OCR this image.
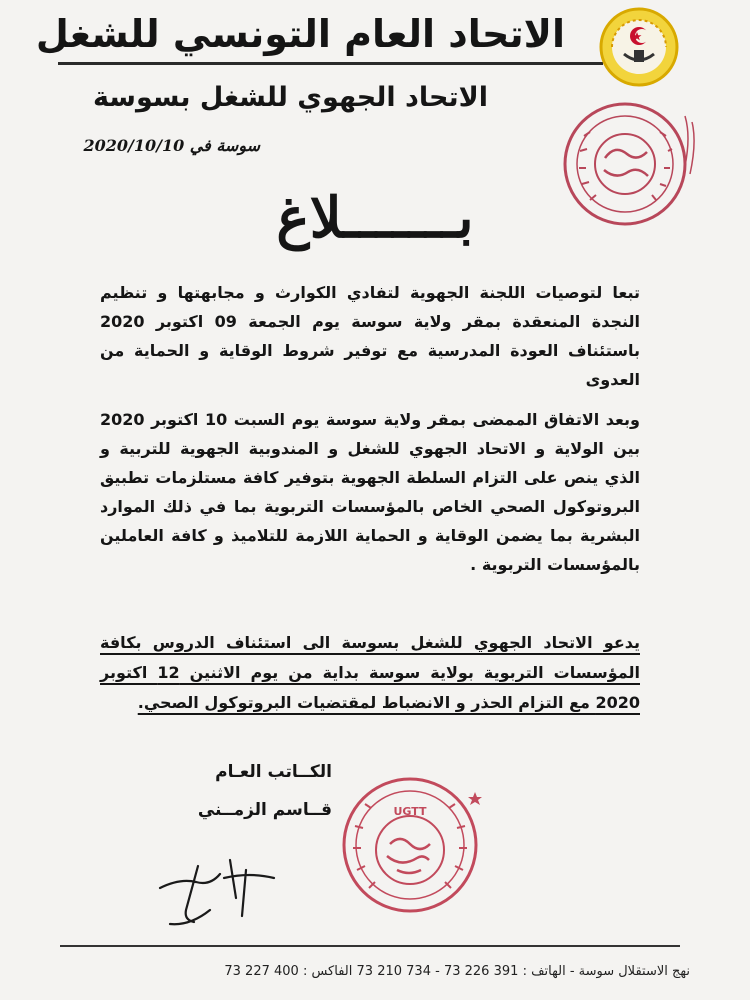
الاتحاد العام التونسي للشغل
الاتحاد الجهوي للشغل بسوسة
سوسة في 2020/10/10
بـــــــلاغ
تبعا لتوصيات اللجنة الجهوية لتفادي الكوارث و مجابهتها و تنظيم النجدة المنعقدة بمقر ولاية سوسة يوم الجمعة 09 اكتوبر 2020 باستئناف العودة المدرسية مع توفير شروط الوقاية و الحماية من العدوى
وبعد الاتفاق الممضى بمقر ولاية سوسة يوم السبت 10 اكتوبر 2020 بين الولاية و الاتحاد الجهوي للشغل و المندوبية الجهوية للتربية و الذي ينص على التزام السلطة الجهوية بتوفير كافة مستلزمات تطبيق البروتوكول الصحي الخاص بالمؤسسات التربوية بما في ذلك الموارد البشرية بما يضمن الوقاية و الحماية اللازمة للتلاميذ و كافة العاملين بالمؤسسات التربوية .
يدعو الاتحاد الجهوي للشغل بسوسة الى استئناف الدروس بكافة المؤسسات التربوية بولاية سوسة بداية من يوم الاثنين 12 اكتوبر 2020 مع التزام الحذر و الانضباط لمقتضيات البروتوكول الصحي.
الكــاتب العـام
قــاسم الزمــني	UGTT
نهج الاستقلال سوسة - الهاتف : 391 226 73 - 734 210 73 الفاكس : 400 227 73
